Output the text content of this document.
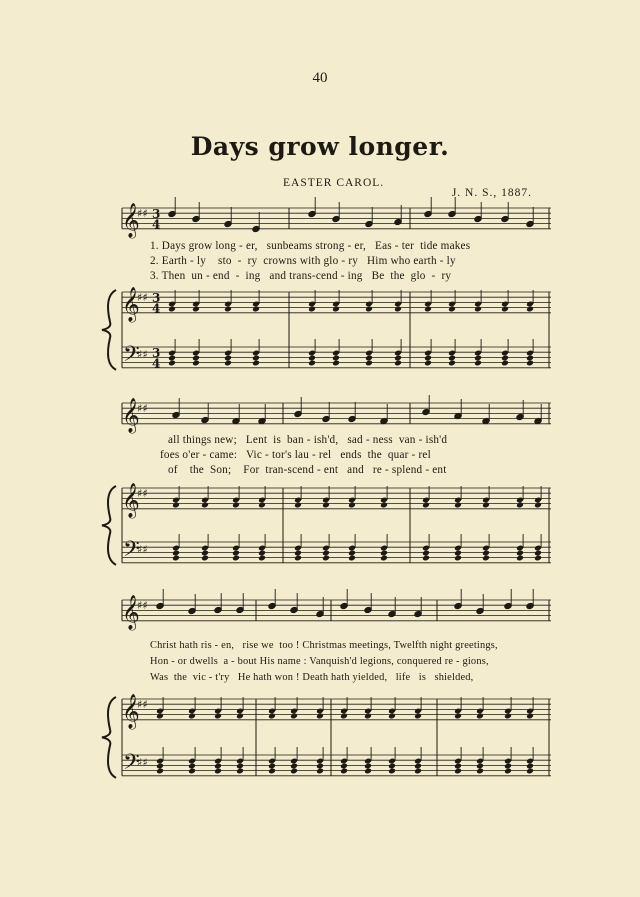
40
Days grow longer.
EASTER CAROL.
J. N. S., 1887.
𝄞
𝄞
𝄢
♯♯
♯♯
♯♯
3
4
3
4
3
4
𝄞
𝄞
𝄢
♯♯
♯♯
♯♯
𝄞
𝄞
𝄢
♯♯
♯♯
♯♯
1. Days grow long - er,   sunbeams strong - er,   Eas - ter  tide makes
2. Earth - ly    sto  -  ry  crowns with glo - ry   Him who earth - ly
3. Then  un - end  -  ing   and trans-cend - ing   Be  the  glo  -  ry
all things new;   Lent  is  ban - ish'd,   sad - ness  van - ish'd
foes o'er - came:   Vic - tor's lau - rel   ends  the  quar - rel
of    the  Son;    For  tran-scend - ent   and   re - splend - ent
Christ hath ris - en,   rise we  too ! Christmas meetings, Twelfth night greetings,
Hon - or dwells  a - bout His name : Vanquish'd legions, conquered re - gions,
Was  the  vic - t'ry   He hath won ! Death hath yielded,   life   is   shielded,
